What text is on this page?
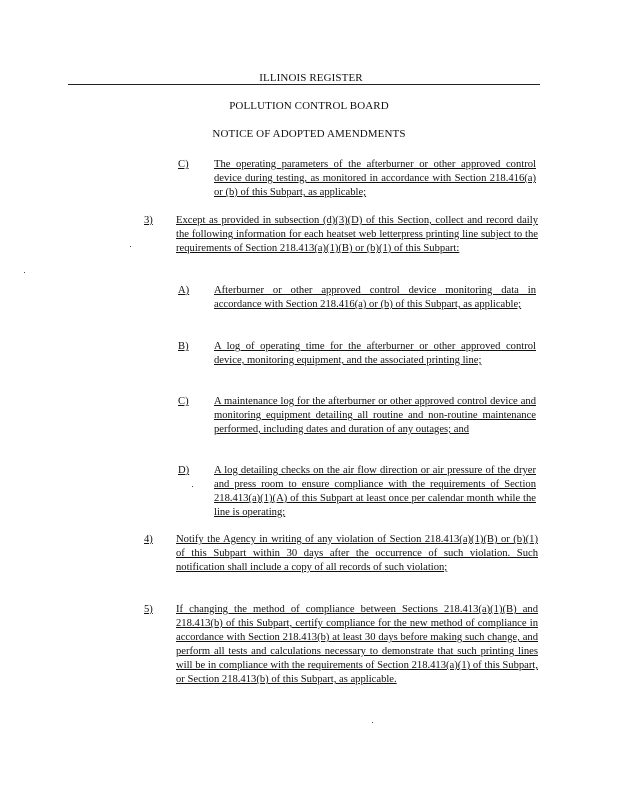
ILLINOIS REGISTER
POLLUTION CONTROL BOARD
NOTICE OF ADOPTED AMENDMENTS
C)	The operating parameters of the afterburner or other approved control device during testing, as monitored in accordance with Section 218.416(a) or (b) of this Subpart, as applicable;
3)	Except as provided in subsection (d)(3)(D) of this Section, collect and record daily the following information for each heatset web letterpress printing line subject to the requirements of Section 218.413(a)(1)(B) or (b)(1) of this Subpart:
A)	Afterburner or other approved control device monitoring data in accordance with Section 218.416(a) or (b) of this Subpart, as applicable;
B)	A log of operating time for the afterburner or other approved control device, monitoring equipment, and the associated printing line;
C)	A maintenance log for the afterburner or other approved control device and monitoring equipment detailing all routine and non-routine maintenance performed, including dates and duration of any outages; and
D)	A log detailing checks on the air flow direction or air pressure of the dryer and press room to ensure compliance with the requirements of Section 218.413(a)(1)(A) of this Subpart at least once per calendar month while the line is operating;
4)	Notify the Agency in writing of any violation of Section 218.413(a)(1)(B) or (b)(1) of this Subpart within 30 days after the occurrence of such violation. Such notification shall include a copy of all records of such violation;
5)	If changing the method of compliance between Sections 218.413(a)(1)(B) and 218.413(b) of this Subpart, certify compliance for the new method of compliance in accordance with Section 218.413(b) at least 30 days before making such change, and perform all tests and calculations necessary to demonstrate that such printing lines will be in compliance with the requirements of Section 218.413(a)(1) of this Subpart, or Section 218.413(b) of this Subpart, as applicable.
